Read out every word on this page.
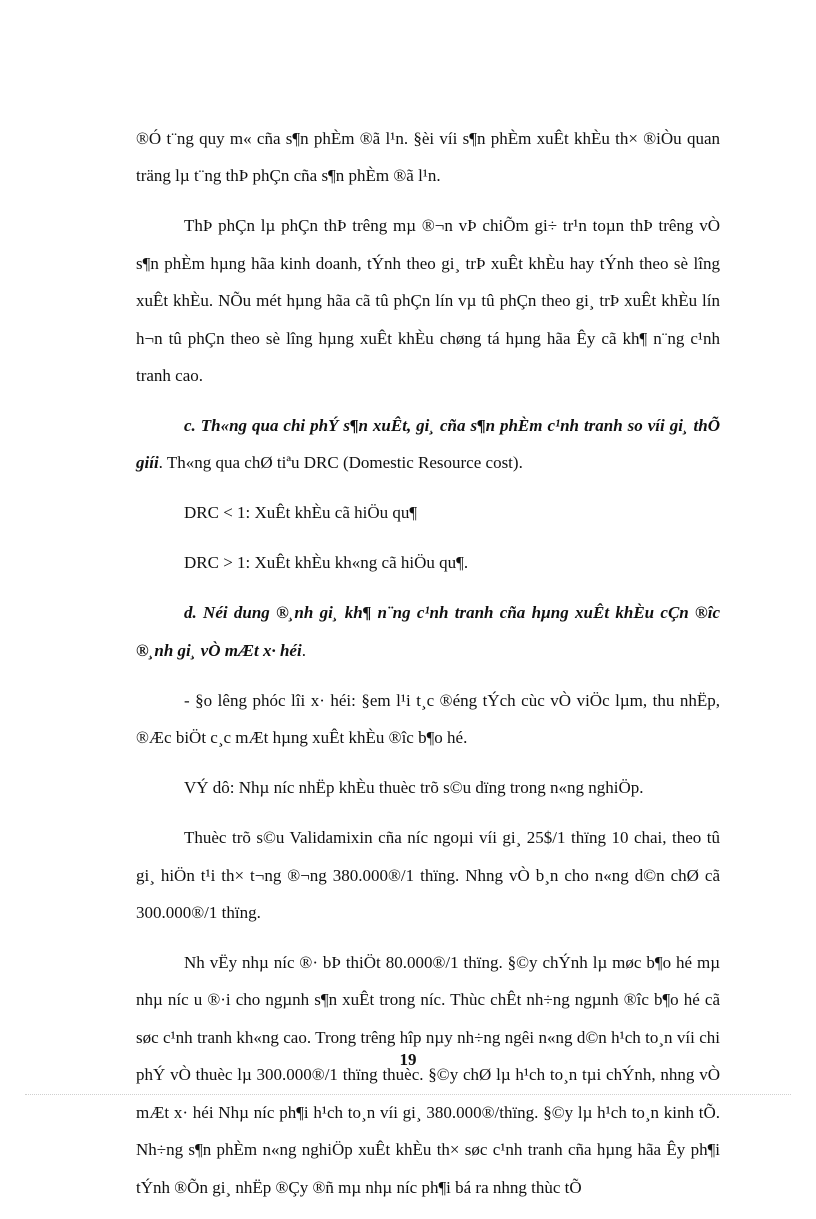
®Ó t¨ng quy m« cña s¶n phÈm ®ã l¹n. §èi víi s¶n phÈm xuÊt khÈu th× ®iÒu quan träng lµ t¨ng thÞ phÇn cña s¶n phÈm ®ã l¹n.

ThÞ phÇn lµ phÇn thÞ trêng mµ ®¬n vÞ chiÕm gi÷ tr¹n toµn thÞ trêng vÒ s¶n phÈm hµng hãa kinh doanh, tÝnh theo gi¸ trÞ xuÊt khÈu hay tÝnh theo sè lîng xuÊt khÈu. NÕu mét hµng hãa cã tû phÇn lín vµ tû phÇn theo gi¸ trÞ xuÊt khÈu lín h¬n tû phÇn theo sè lîng hµng xuÊt khÈu chøng tá hµng hãa Êy cã kh¶ n¨ng c¹nh tranh cao.

c. Th«ng qua chi phÝ s¶n xuÊt, gi¸ cña s¶n phÈm c¹nh tranh so víi gi¸ thÕ giíi. Th«ng qua chØ tiªu DRC (Domestic Resource cost).

DRC < 1: XuÊt khÈu cã hiÖu qu¶

DRC > 1: XuÊt khÈu kh«ng cã hiÖu qu¶.

d. Néi dung ®¸nh gi¸ kh¶ n¨ng c¹nh tranh cña hµng xuÊt khÈu cÇn ®îc ®¸nh gi¸ vÒ mÆt x· héi.

- §o lêng phóc lîi x· héi: §em l¹i t¸c ®éng tÝch cùc vÒ viÖc lµm, thu nhËp, ®Æc biÖt c¸c mÆt hµng xuÊt khÈu ®îc b¶o hé.

VÝ dô: Nhµ níc nhËp khÈu thuèc trõ s©u dïng trong n«ng nghiÖp.

Thuèc trõ s©u Validamixin cña níc ngoµi víi gi¸ 25$/1 thïng 10 chai, theo tû gi¸ hiÖn t¹i th× t¬ng ®¬ng 380.000®/1 thïng. Nhng vÒ b¸n cho n«ng d©n chØ cã 300.000®/1 thïng.

Nh vËy nhµ níc ®· bÞ thiÖt 80.000®/1 thïng. §©y chÝnh lµ møc b¶o hé mµ nhµ níc u ®·i cho ngµnh s¶n xuÊt trong níc. Thùc chÊt nh÷ng ngµnh ®îc b¶o hé cã søc c¹nh tranh kh«ng cao. Trong trêng hîp nµy nh÷ng ngêi n«ng d©n h¹ch to¸n víi chi phÝ vÒ thuèc lµ 300.000®/1 thïng thuèc. §©y chØ lµ h¹ch to¸n tµi chÝnh, nhng vÒ mÆt x· héi Nhµ níc ph¶i h¹ch to¸n víi gi¸ 380.000®/thïng. §©y lµ h¹ch to¸n kinh tÕ. Nh÷ng s¶n phÈm n«ng nghiÖp xuÊt khÈu th× søc c¹nh tranh cña hµng hãa Êy ph¶i tÝnh ®Õn gi¸ nhËp ®Çy ®ñ mµ nhµ níc ph¶i bá ra nhng thùc tÕ

19
